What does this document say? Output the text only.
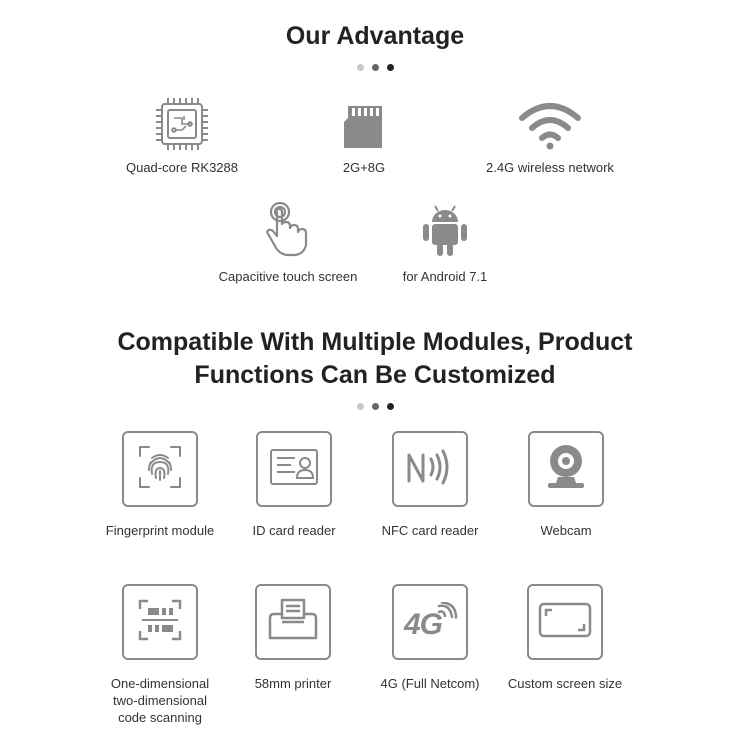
Our Advantage
Quad-core RK3288	2G+8G	2.4G wireless network
Capacitive touch screen	for Android 7.1
Compatible With Multiple Modules, Product
Functions Can Be Customized
Fingerprint module	ID card reader	NFC card reader	Webcam
One-dimensional
two-dimensional
code scanning
58mm printer
4G
4G (Full Netcom)	Custom screen size
